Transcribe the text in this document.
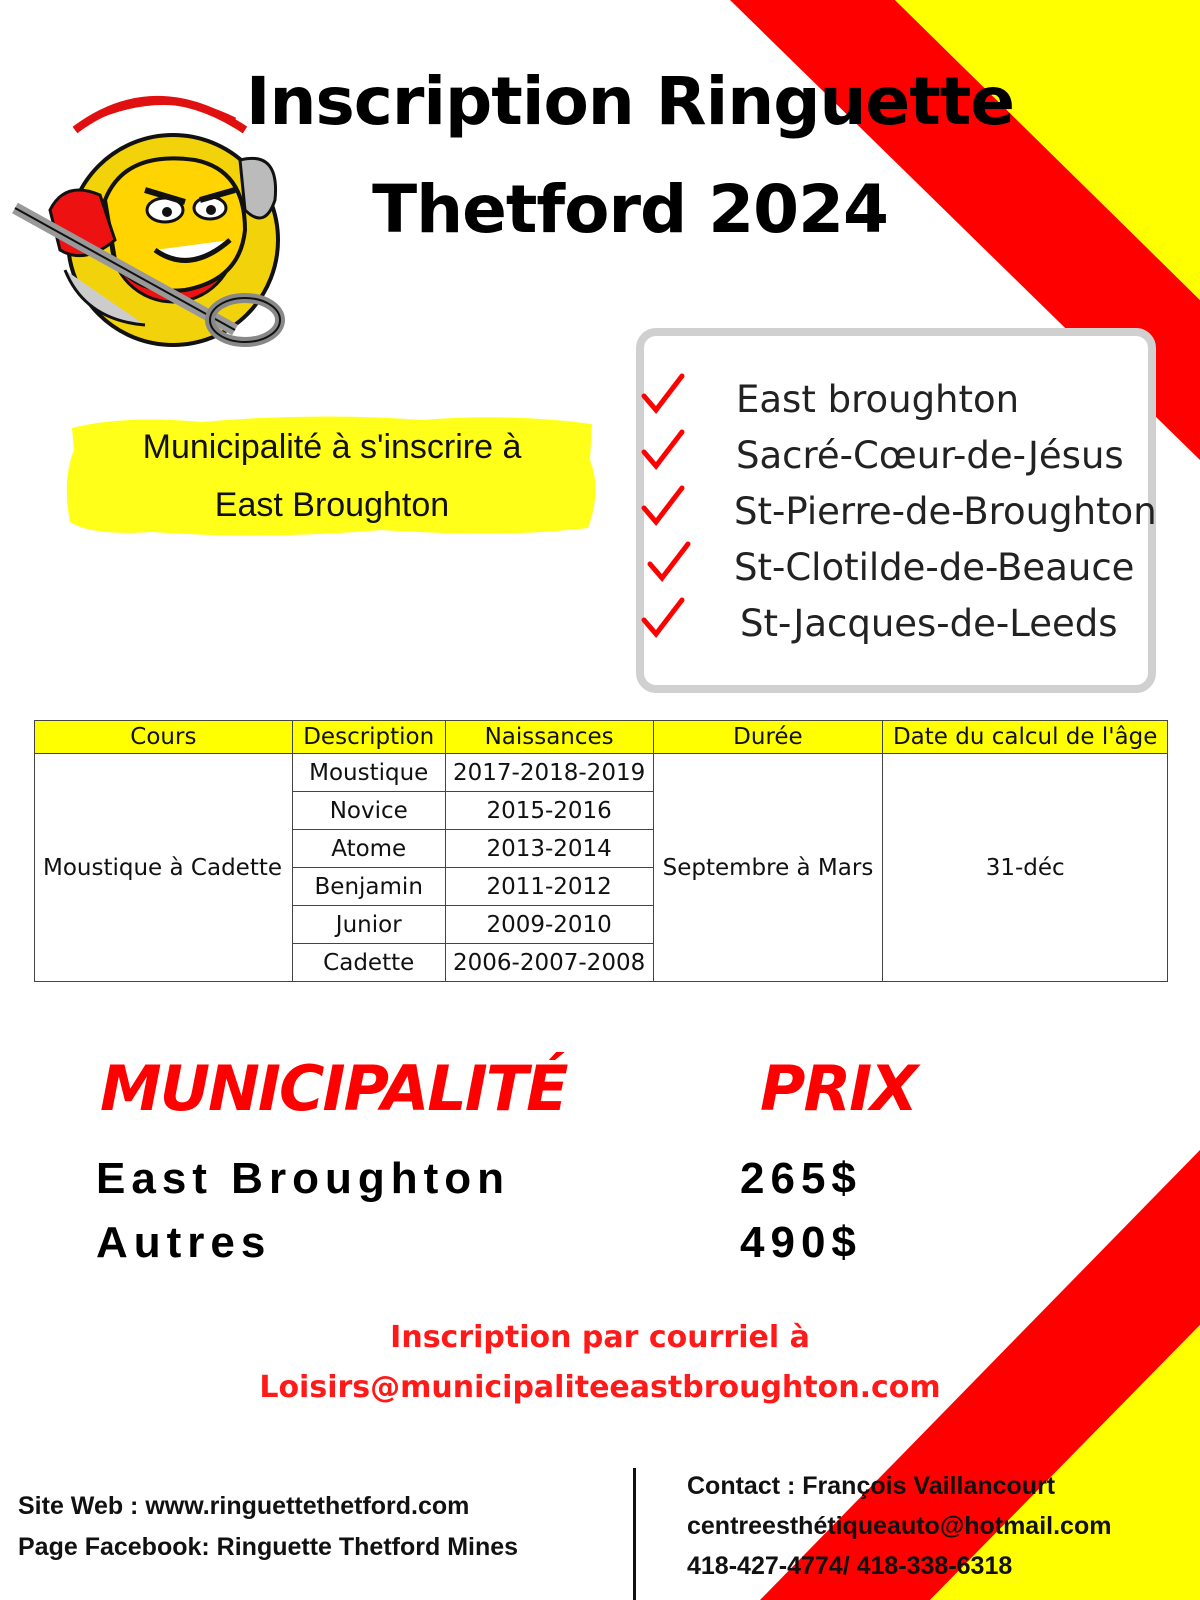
Inscription Ringuette
Thetford 2024
Municipalité à s'inscrire à
East Broughton
East broughton
Sacré-Cœur-de-Jésus
St-Pierre-de-Broughton
St-Clotilde-de-Beauce
St-Jacques-de-Leeds
Cours	Description	Naissances	Durée	Date du calcul de l'âge
Moustique à Cadette	Moustique	2017-2018-2019	Septembre à Mars	31-déc
	Novice	2015-2016		
	Atome	2013-2014		
	Benjamin	2011-2012		
	Junior	2009-2010		
	Cadette	2006-2007-2008		
MUNICIPALITÉ	PRIX
East Broughton	265$
Autres	490$
Inscription par courriel à
Loisirs@municipaliteeastbroughton.com
Site Web : www.ringuettethetford.com
Page Facebook: Ringuette Thetford Mines
Contact : François Vaillancourt
centreesthétiqueauto@hotmail.com
418-427-4774/ 418-338-6318
